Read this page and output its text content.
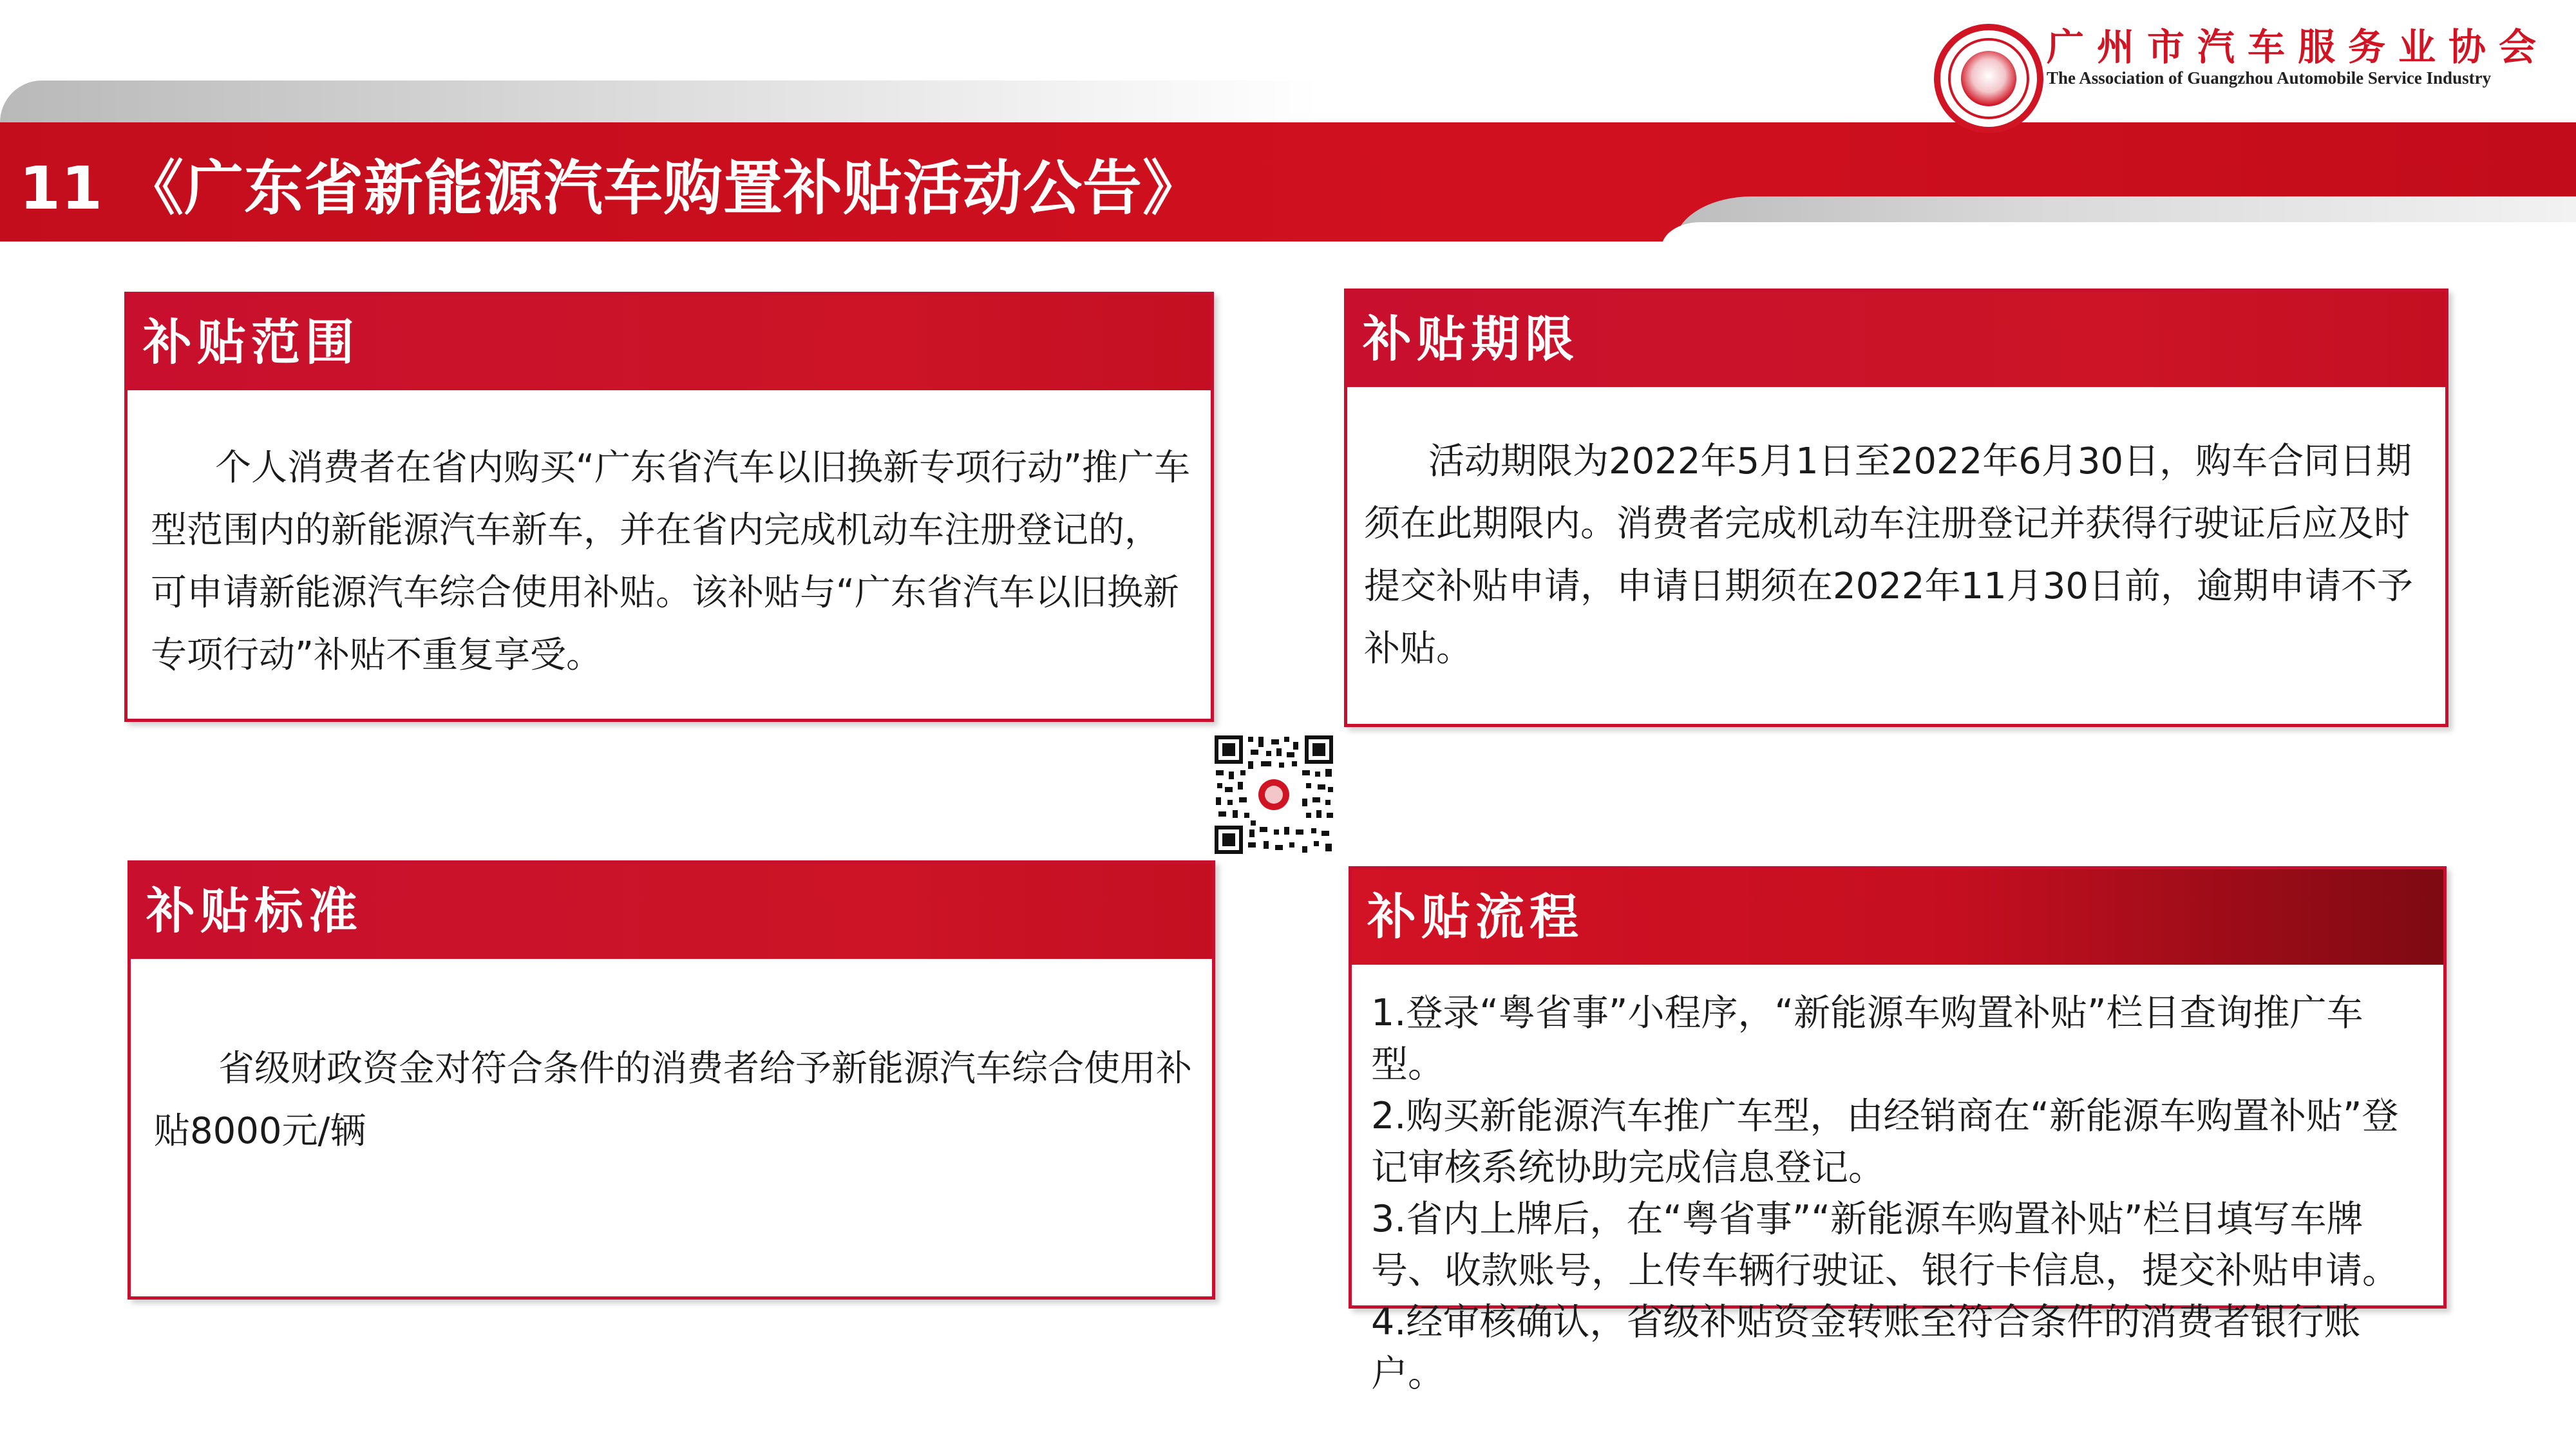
11 《广东省新能源汽车购置补贴活动公告》
广州市汽车服务业协会
The Association of Guangzhou Automobile Service Industry
补贴范围
个人消费者在省内购买“广东省汽车以旧换新专项行动”推广车型范围内的新能源汽车新车，并在省内完成机动车注册登记的，可申请新能源汽车综合使用补贴。该补贴与“广东省汽车以旧换新专项行动”补贴不重复享受。
补贴期限
活动期限为2022年5月1日至2022年6月30日，购车合同日期须在此期限内。消费者完成机动车注册登记并获得行驶证后应及时提交补贴申请，申请日期须在2022年11月30日前，逾期申请不予补贴。
补贴标准
省级财政资金对符合条件的消费者给予新能源汽车综合使用补贴8000元/辆
补贴流程
1.登录“粤省事”小程序，“新能源车购置补贴”栏目查询推广车型。
2.购买新能源汽车推广车型，由经销商在“新能源车购置补贴”登记审核系统协助完成信息登记。
3.省内上牌后，在“粤省事”“新能源车购置补贴”栏目填写车牌号、收款账号，上传车辆行驶证、银行卡信息，提交补贴申请。
4.经审核确认，省级补贴资金转账至符合条件的消费者银行账户。
